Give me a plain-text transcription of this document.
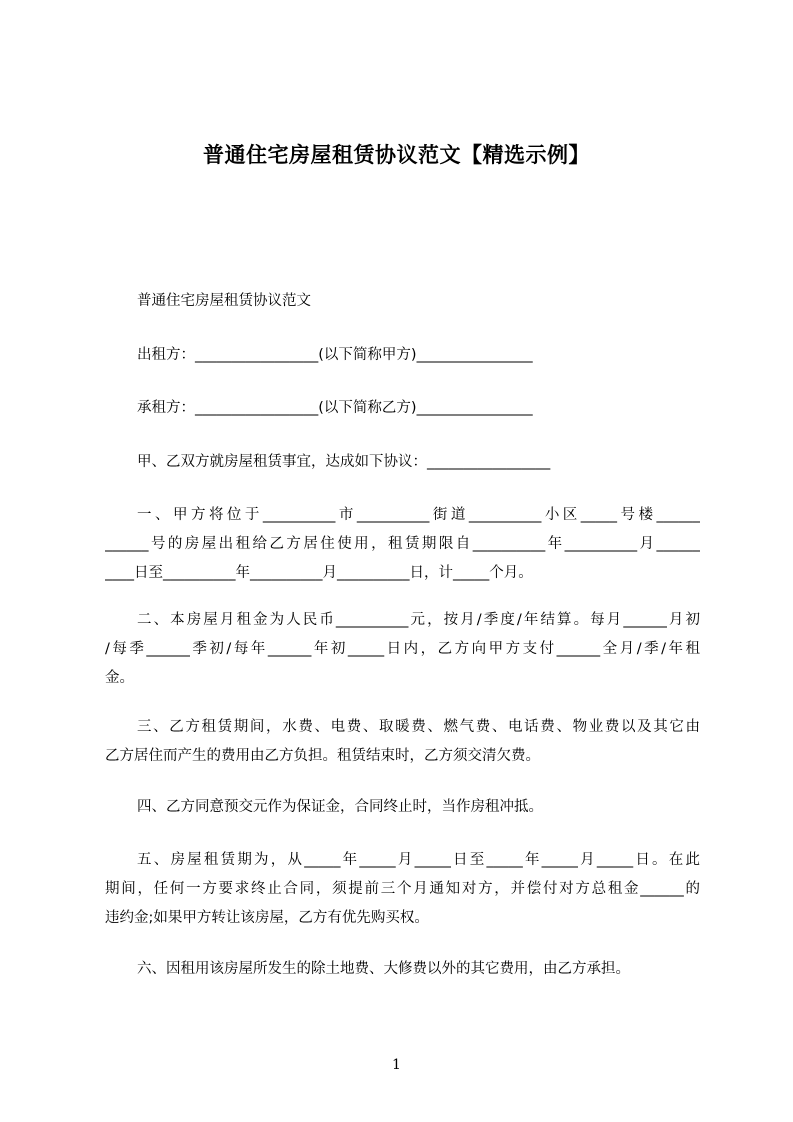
普通住宅房屋租赁协议范文【精选示例】
普通住宅房屋租赁协议范文
出租方：_________________(以下简称甲方)________________
承租方：_________________(以下简称乙方)________________
甲、乙双方就房屋租赁事宜，达成如下协议：_________________
一、甲方将位于__________市__________街道__________小区_____号楼______
______号的房屋出租给乙方居住使用，租赁期限自__________年__________月______
____日至__________年__________月__________日，计_____个月。
二、本房屋月租金为人民币__________元，按月/季度/年结算。每月______月初
/每季______季初/每年______年初_____日内，乙方向甲方支付______全月/季/年租
金。
三、乙方租赁期间，水费、电费、取暖费、燃气费、电话费、物业费以及其它由
乙方居住而产生的费用由乙方负担。租赁结束时，乙方须交清欠费。
四、乙方同意预交元作为保证金，合同终止时，当作房租冲抵。
五、房屋租赁期为，从_____年_____月_____日至_____年_____月_____日。在此
期间，任何一方要求终止合同，须提前三个月通知对方，并偿付对方总租金______的
违约金;如果甲方转让该房屋，乙方有优先购买权。
六、因租用该房屋所发生的除土地费、大修费以外的其它费用，由乙方承担。
1
